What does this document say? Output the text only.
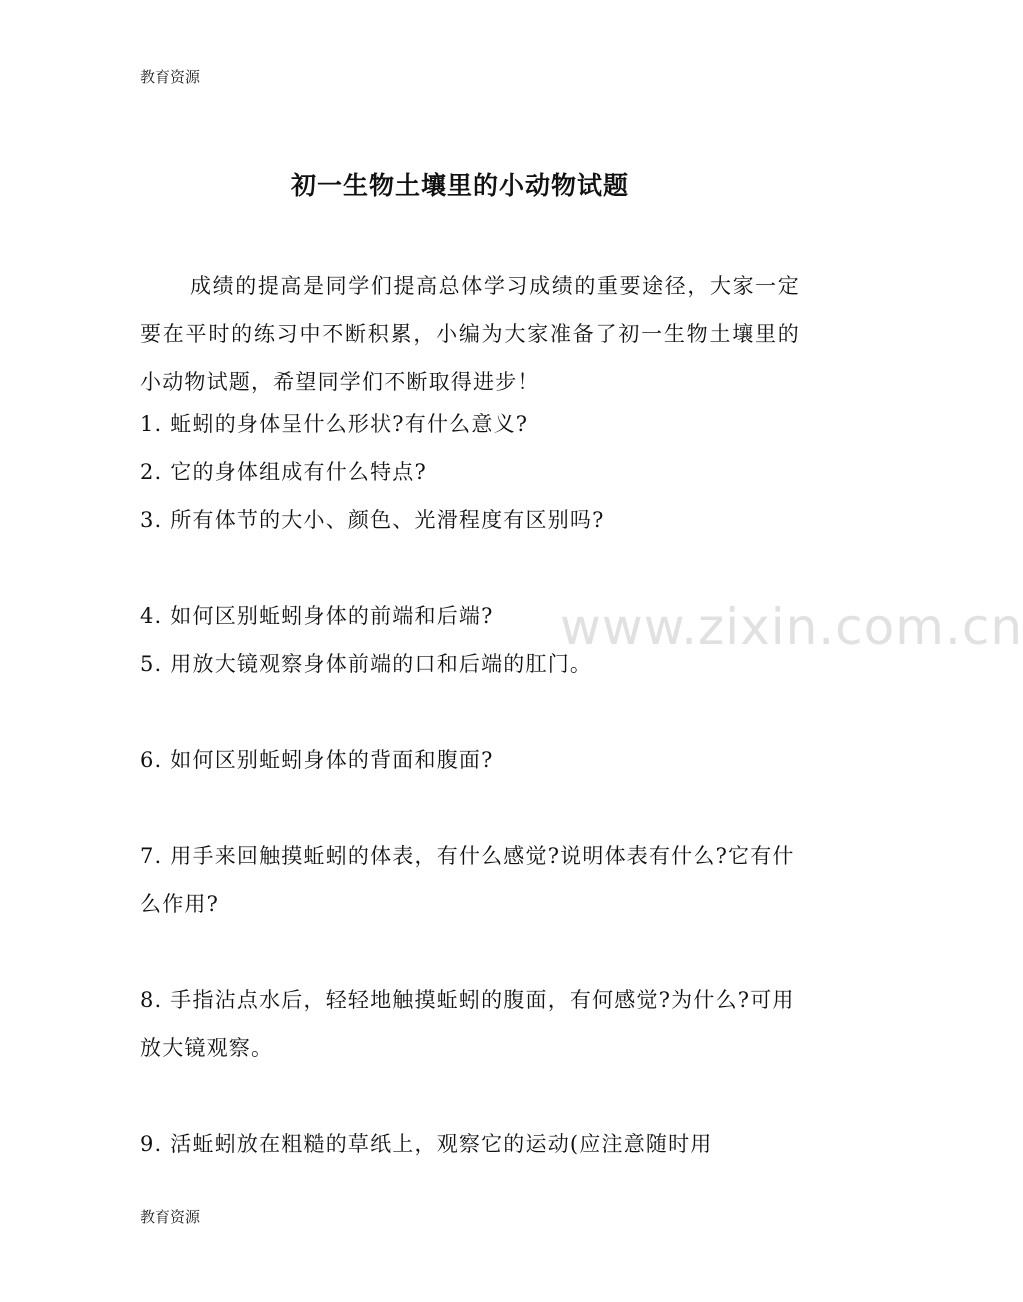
教育资源
初一生物土壤里的小动物试题

成绩的提高是同学们提高总体学习成绩的重要途径，大家一定要在平时的练习中不断积累，小编为大家准备了初一生物土壤里的小动物试题，希望同学们不断取得进步！

1. 蚯蚓的身体呈什么形状?有什么意义?

2. 它的身体组成有什么特点?

3. 所有体节的大小、颜色、光滑程度有区别吗?

4. 如何区别蚯蚓身体的前端和后端?

5. 用放大镜观察身体前端的口和后端的肛门。

6. 如何区别蚯蚓身体的背面和腹面?

7. 用手来回触摸蚯蚓的体表，有什么感觉?说明体表有什么?它有什么作用?

8. 手指沾点水后，轻轻地触摸蚯蚓的腹面，有何感觉?为什么?可用放大镜观察。

9. 活蚯蚓放在粗糙的草纸上，观察它的运动(应注意随时用

www.zixin.com.cn
教育资源
